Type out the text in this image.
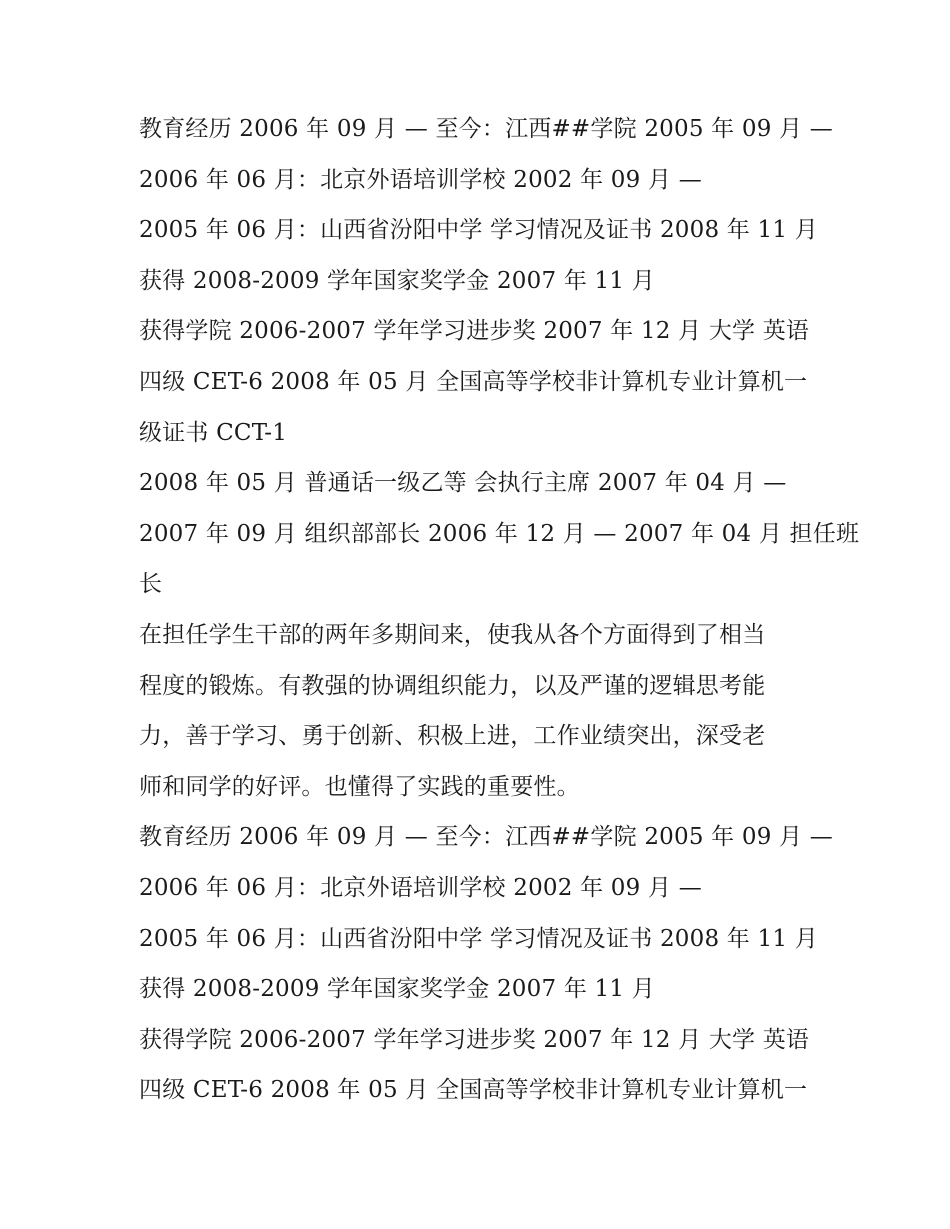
教育经历 2006 年 09 月 — 至今：江西##学院 2005 年 09 月 —
2006 年 06 月：北京外语培训学校 2002 年 09 月 —
2005 年 06 月：山西省汾阳中学 学习情况及证书 2008 年 11 月
获得 2008-2009 学年国家奖学金 2007 年 11 月
获得学院 2006-2007 学年学习进步奖 2007 年 12 月 大学 英语
四级 CET-6 2008 年 05 月 全国高等学校非计算机专业计算机一
级证书 CCT-1
2008 年 05 月 普通话一级乙等 会执行主席 2007 年 04 月 —
2007 年 09 月 组织部部长 2006 年 12 月 — 2007 年 04 月 担任班
长
在担任学生干部的两年多期间来，使我从各个方面得到了相当
程度的锻炼。有教强的协调组织能力，以及严谨的逻辑思考能
力，善于学习、勇于创新、积极上进，工作业绩突出，深受老
师和同学的好评。也懂得了实践的重要性。
教育经历 2006 年 09 月 — 至今：江西##学院 2005 年 09 月 —
2006 年 06 月：北京外语培训学校 2002 年 09 月 —
2005 年 06 月：山西省汾阳中学 学习情况及证书 2008 年 11 月
获得 2008-2009 学年国家奖学金 2007 年 11 月
获得学院 2006-2007 学年学习进步奖 2007 年 12 月 大学 英语
四级 CET-6 2008 年 05 月 全国高等学校非计算机专业计算机一
